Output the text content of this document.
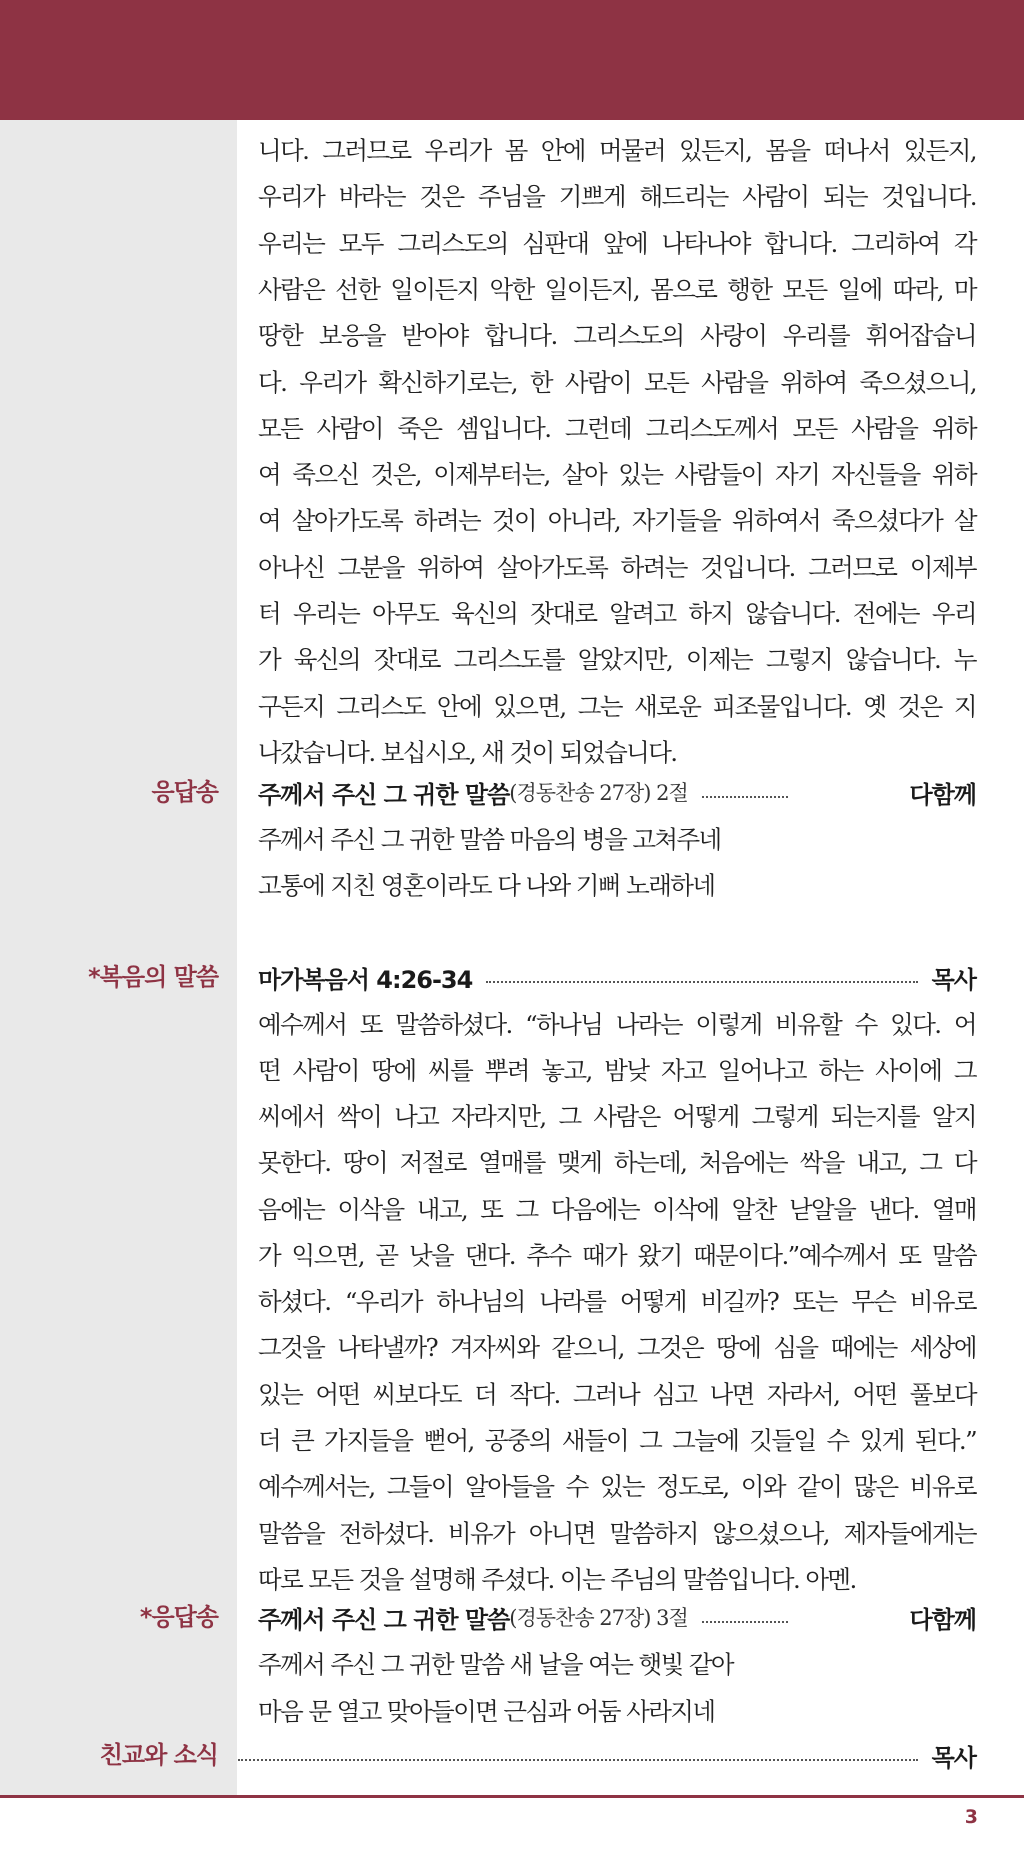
니다. 그러므로 우리가 몸 안에 머물러 있든지, 몸을 떠나서 있든지,
우리가 바라는 것은 주님을 기쁘게 해드리는 사람이 되는 것입니다.
우리는 모두 그리스도의 심판대 앞에 나타나야 합니다. 그리하여 각
사람은 선한 일이든지 악한 일이든지, 몸으로 행한 모든 일에 따라, 마
땅한 보응을 받아야 합니다. 그리스도의 사랑이 우리를 휘어잡습니
다. 우리가 확신하기로는, 한 사람이 모든 사람을 위하여 죽으셨으니,
모든 사람이 죽은 셈입니다. 그런데 그리스도께서 모든 사람을 위하
여 죽으신 것은, 이제부터는, 살아 있는 사람들이 자기 자신들을 위하
여 살아가도록 하려는 것이 아니라, 자기들을 위하여서 죽으셨다가 살
아나신 그분을 위하여 살아가도록 하려는 것입니다. 그러므로 이제부
터 우리는 아무도 육신의 잣대로 알려고 하지 않습니다. 전에는 우리
가 육신의 잣대로 그리스도를 알았지만, 이제는 그렇지 않습니다. 누
구든지 그리스도 안에 있으면, 그는 새로운 피조물입니다. 옛 것은 지
나갔습니다. 보십시오, 새 것이 되었습니다.
응답송 주께서 주신 그 귀한 말씀 (경동찬송 27장) 2절	다함께
주께서 주신 그 귀한 말씀 마음의 병을 고쳐주네
고통에 지친 영혼이라도 다 나와 기뻐 노래하네
*복음의 말씀 마가복음서 4:26-34	목사
예수께서 또 말씀하셨다. “하나님 나라는 이렇게 비유할 수 있다. 어
떤 사람이 땅에 씨를 뿌려 놓고, 밤낮 자고 일어나고 하는 사이에 그
씨에서 싹이 나고 자라지만, 그 사람은 어떻게 그렇게 되는지를 알지
못한다. 땅이 저절로 열매를 맺게 하는데, 처음에는 싹을 내고, 그 다
음에는 이삭을 내고, 또 그 다음에는 이삭에 알찬 낟알을 낸다. 열매
가 익으면, 곧 낫을 댄다. 추수 때가 왔기 때문이다.”예수께서 또 말씀
하셨다. “우리가 하나님의 나라를 어떻게 비길까? 또는 무슨 비유로
그것을 나타낼까? 겨자씨와 같으니, 그것은 땅에 심을 때에는 세상에
있는 어떤 씨보다도 더 작다. 그러나 심고 나면 자라서, 어떤 풀보다
더 큰 가지들을 뻗어, 공중의 새들이 그 그늘에 깃들일 수 있게 된다.”
예수께서는, 그들이 알아들을 수 있는 정도로, 이와 같이 많은 비유로
말씀을 전하셨다. 비유가 아니면 말씀하지 않으셨으나, 제자들에게는
따로 모든 것을 설명해 주셨다. 이는 주님의 말씀입니다. 아멘.
*응답송 주께서 주신 그 귀한 말씀 (경동찬송 27장) 3절	다함께
주께서 주신 그 귀한 말씀 새 날을 여는 햇빛 같아
마음 문 열고 맞아들이면 근심과 어둠 사라지네
친교와 소식	목사
3
